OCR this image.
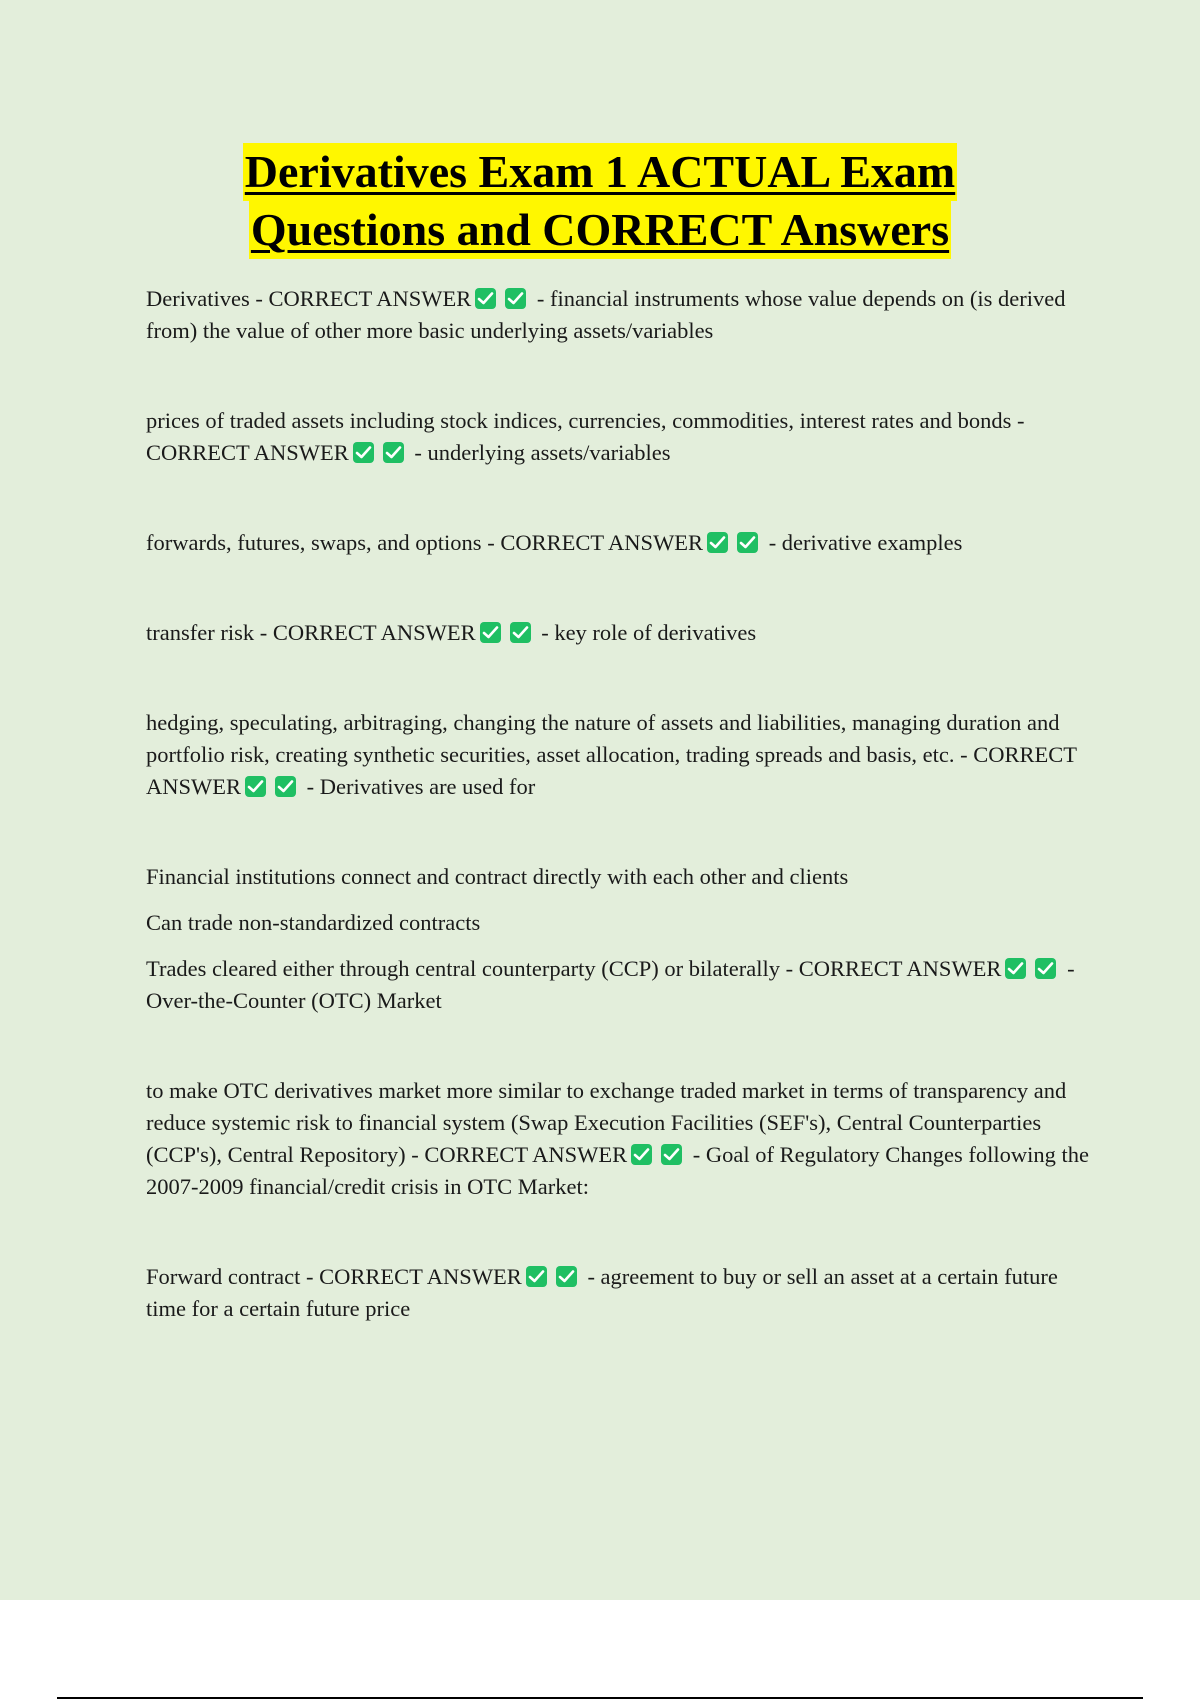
Derivatives Exam 1 ACTUAL Exam
Questions and CORRECT Answers

Derivatives - CORRECT ANSWER	- financial instruments whose value depends on (is derived from) the value of other more basic underlying assets/variables

prices of traded assets including stock indices, currencies, commodities, interest rates and bonds - CORRECT ANSWER	- underlying assets/variables

forwards, futures, swaps, and options - CORRECT ANSWER	- derivative examples

transfer risk - CORRECT ANSWER	- key role of derivatives

hedging, speculating, arbitraging, changing the nature of assets and liabilities, managing duration and portfolio risk, creating synthetic securities, asset allocation, trading spreads and basis, etc. - CORRECT ANSWER	- Derivatives are used for

Financial institutions connect and contract directly with each other and clients

Can trade non-standardized contracts

Trades cleared either through central counterparty (CCP) or bilaterally - CORRECT ANSWER	- Over-the-Counter (OTC) Market

to make OTC derivatives market more similar to exchange traded market in terms of transparency and reduce systemic risk to financial system (Swap Execution Facilities (SEF's), Central Counterparties (CCP's), Central Repository) - CORRECT ANSWER	- Goal of Regulatory Changes following the 2007-2009 financial/credit crisis in OTC Market:

Forward contract - CORRECT ANSWER	- agreement to buy or sell an asset at a certain future time for a certain future price
